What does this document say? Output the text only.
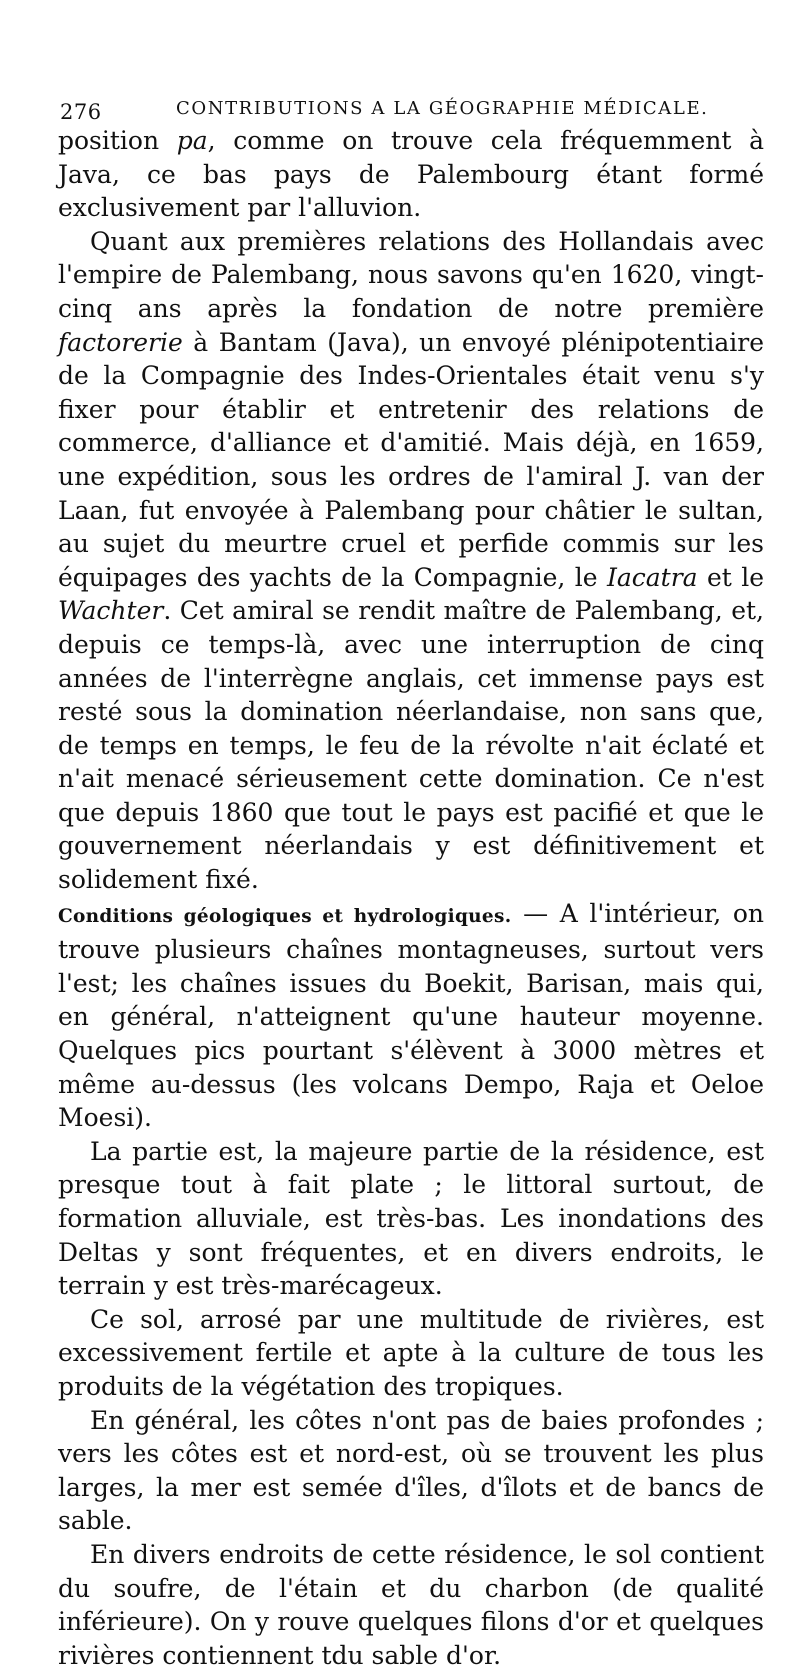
276	CONTRIBUTIONS A LA GÉOGRAPHIE MÉDICALE.

position pa, comme on trouve cela fréquemment à Java, ce bas pays de Palembourg étant formé exclusivement par l'alluvion.

Quant aux premières relations des Hollandais avec l'empire de Palembang, nous savons qu'en 1620, vingt-cinq ans après la fondation de notre première factorerie à Bantam (Java), un envoyé plénipotentiaire de la Compagnie des Indes-Orientales était venu s'y fixer pour établir et entretenir des relations de commerce, d'alliance et d'amitié. Mais déjà, en 1659, une expédition, sous les ordres de l'amiral J. van der Laan, fut envoyée à Palembang pour châtier le sultan, au sujet du meurtre cruel et perfide commis sur les équipages des yachts de la Compagnie, le Iacatra et le Wachter. Cet amiral se rendit maître de Palembang, et, depuis ce temps-là, avec une interruption de cinq années de l'interrègne anglais, cet immense pays est resté sous la domination néerlandaise, non sans que, de temps en temps, le feu de la révolte n'ait éclaté et n'ait menacé sérieusement cette domination. Ce n'est que depuis 1860 que tout le pays est pacifié et que le gouvernement néerlandais y est définitivement et solidement fixé.

Conditions géologiques et hydrologiques. — A l'intérieur, on trouve plusieurs chaînes montagneuses, surtout vers l'est; les chaînes issues du Boekit, Barisan, mais qui, en général, n'atteignent qu'une hauteur moyenne. Quelques pics pourtant s'élèvent à 3000 mètres et même au-dessus (les volcans Dempo, Raja et Oeloe Moesi).

La partie est, la majeure partie de la résidence, est presque tout à fait plate ; le littoral surtout, de formation alluviale, est très-bas. Les inondations des Deltas y sont fréquentes, et en divers endroits, le terrain y est très-marécageux.

Ce sol, arrosé par une multitude de rivières, est excessivement fertile et apte à la culture de tous les produits de la végétation des tropiques.

En général, les côtes n'ont pas de baies profondes ; vers les côtes est et nord-est, où se trouvent les plus larges, la mer est semée d'îles, d'îlots et de bancs de sable.

En divers endroits de cette résidence, le sol contient du soufre, de l'étain et du charbon (de qualité inférieure). On y rouve quelques filons d'or et quelques rivières contiennent tdu sable d'or.
